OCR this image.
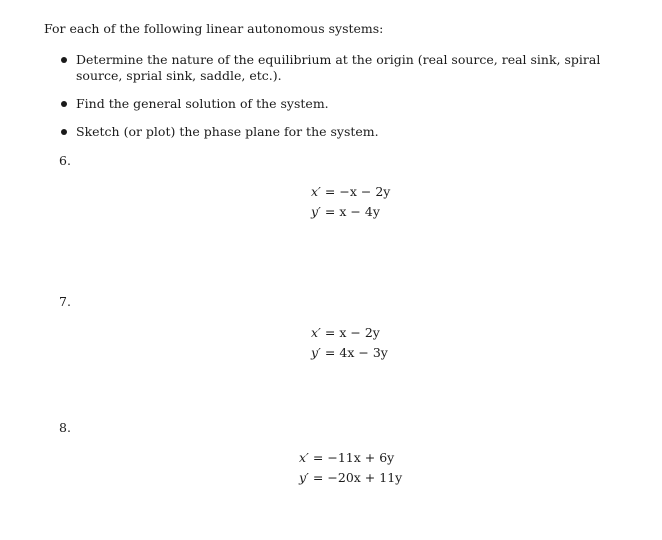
For each of the following linear autonomous systems:

Determine the nature of the equilibrium at the origin (real source, real sink, spiral source, sprial sink, saddle, etc.).
Find the general solution of the system.
Sketch (or plot) the phase plane for the system.

6.

x′ = −x − 2y
y′ = x − 4y

7.

x′ = x − 2y
y′ = 4x − 3y

8.

x′ = −11x + 6y
y′ = −20x + 11y
